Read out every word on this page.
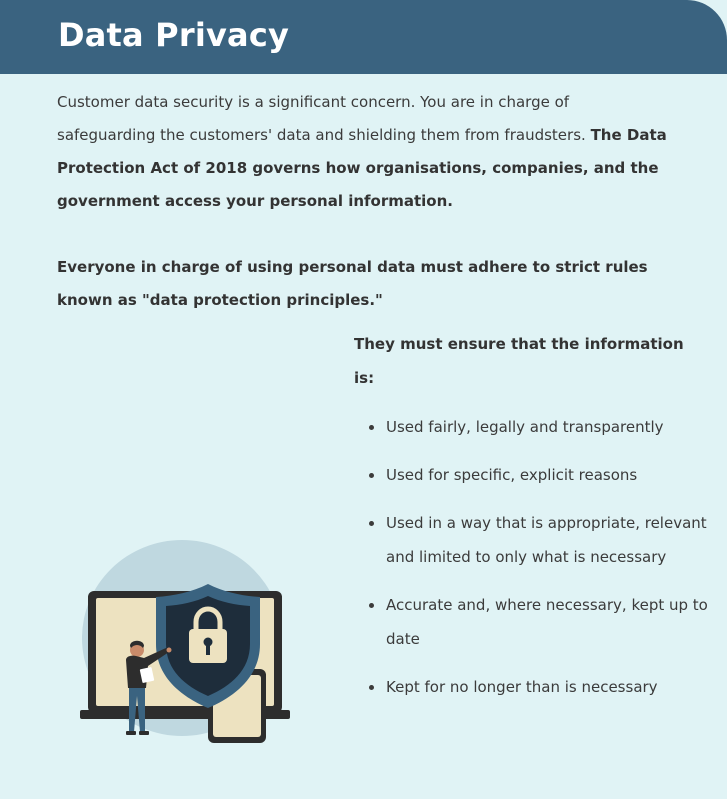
Data Privacy

Customer data security is a significant concern. You are in charge of safeguarding the customers' data and shielding them from fraudsters. The Data Protection Act of 2018 governs how organisations, companies, and the government access your personal information.

Everyone in charge of using personal data must adhere to strict rules known as "data protection principles."

They must ensure that the information is:

Used fairly, legally and transparently
Used for specific, explicit reasons
Used in a way that is appropriate, relevant and limited to only what is necessary
Accurate and, where necessary, kept up to date
Kept for no longer than is necessary
